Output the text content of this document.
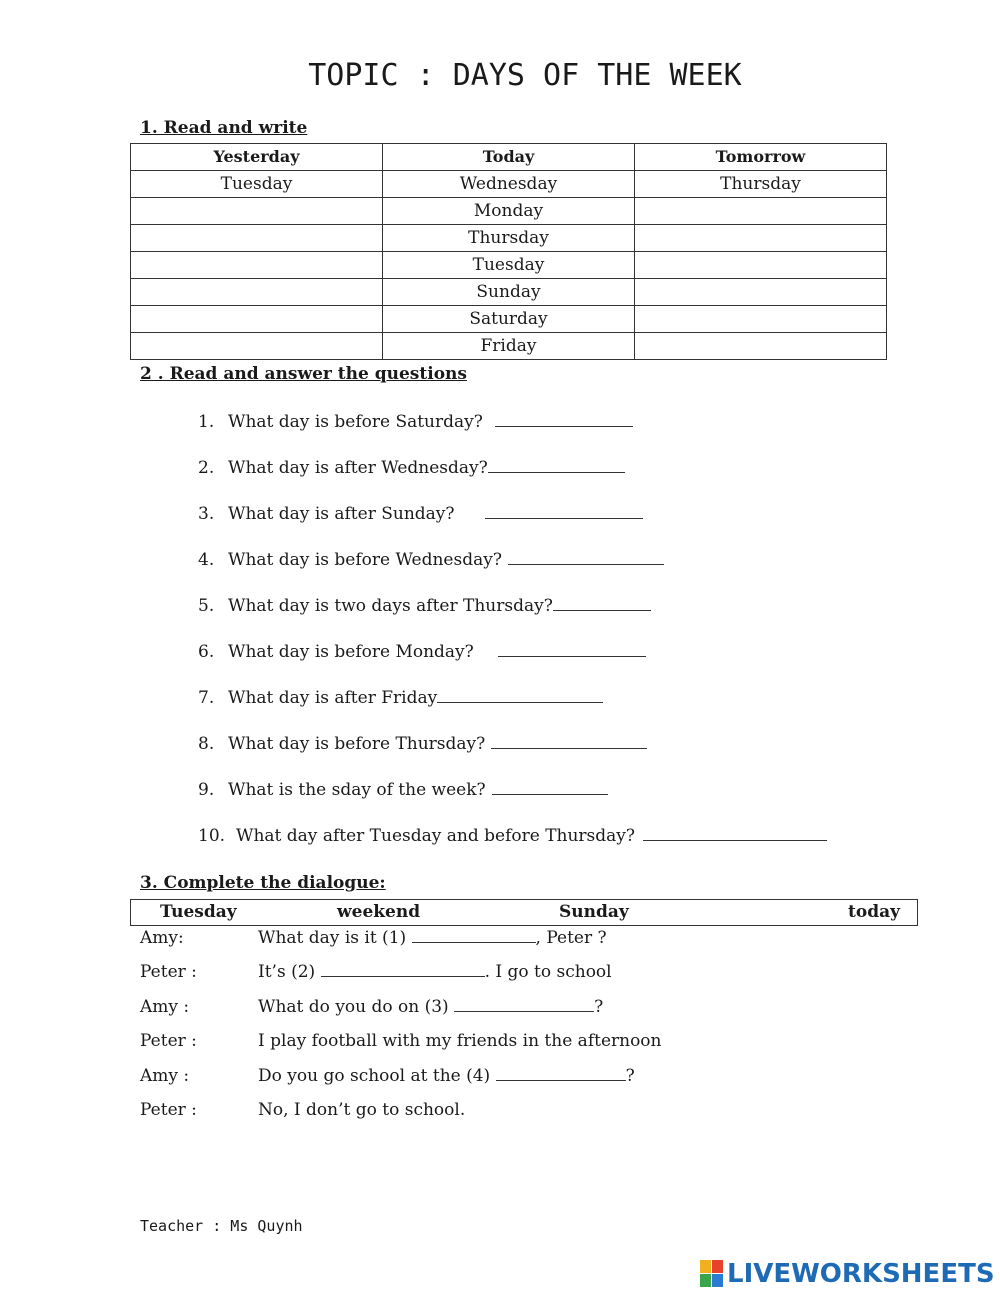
TOPIC : DAYS OF THE WEEK
1. Read and write
Yesterday	Today	Tomorrow
Tuesday	Wednesday	Thursday
	Monday	
	Thursday	
	Tuesday	
	Sunday	
	Saturday	
	Friday	
2 . Read and answer the questions
1. What day is before Saturday?
2. What day is after Wednesday?
3. What day is after Sunday?
4. What day is before Wednesday?
5. What day is two days after Thursday?
6. What day is before Monday?
7. What day is after Friday
8. What day is before Thursday?
9. What is the sday of the week?
10. What day after Tuesday and before Thursday?
3. Complete the dialogue:
Tuesday	weekend	Sunday	today
Amy:	What day is it (1)	, Peter ?
Peter :	It’s (2)	. I go to school
Amy :	What do you do on (3)	?
Peter :	I play football with my friends in the afternoon
Amy :	Do you go school at the (4)	?
Peter :	No, I don’t go to school.
Teacher : Ms Quynh
LIVEWORKSHEETS
